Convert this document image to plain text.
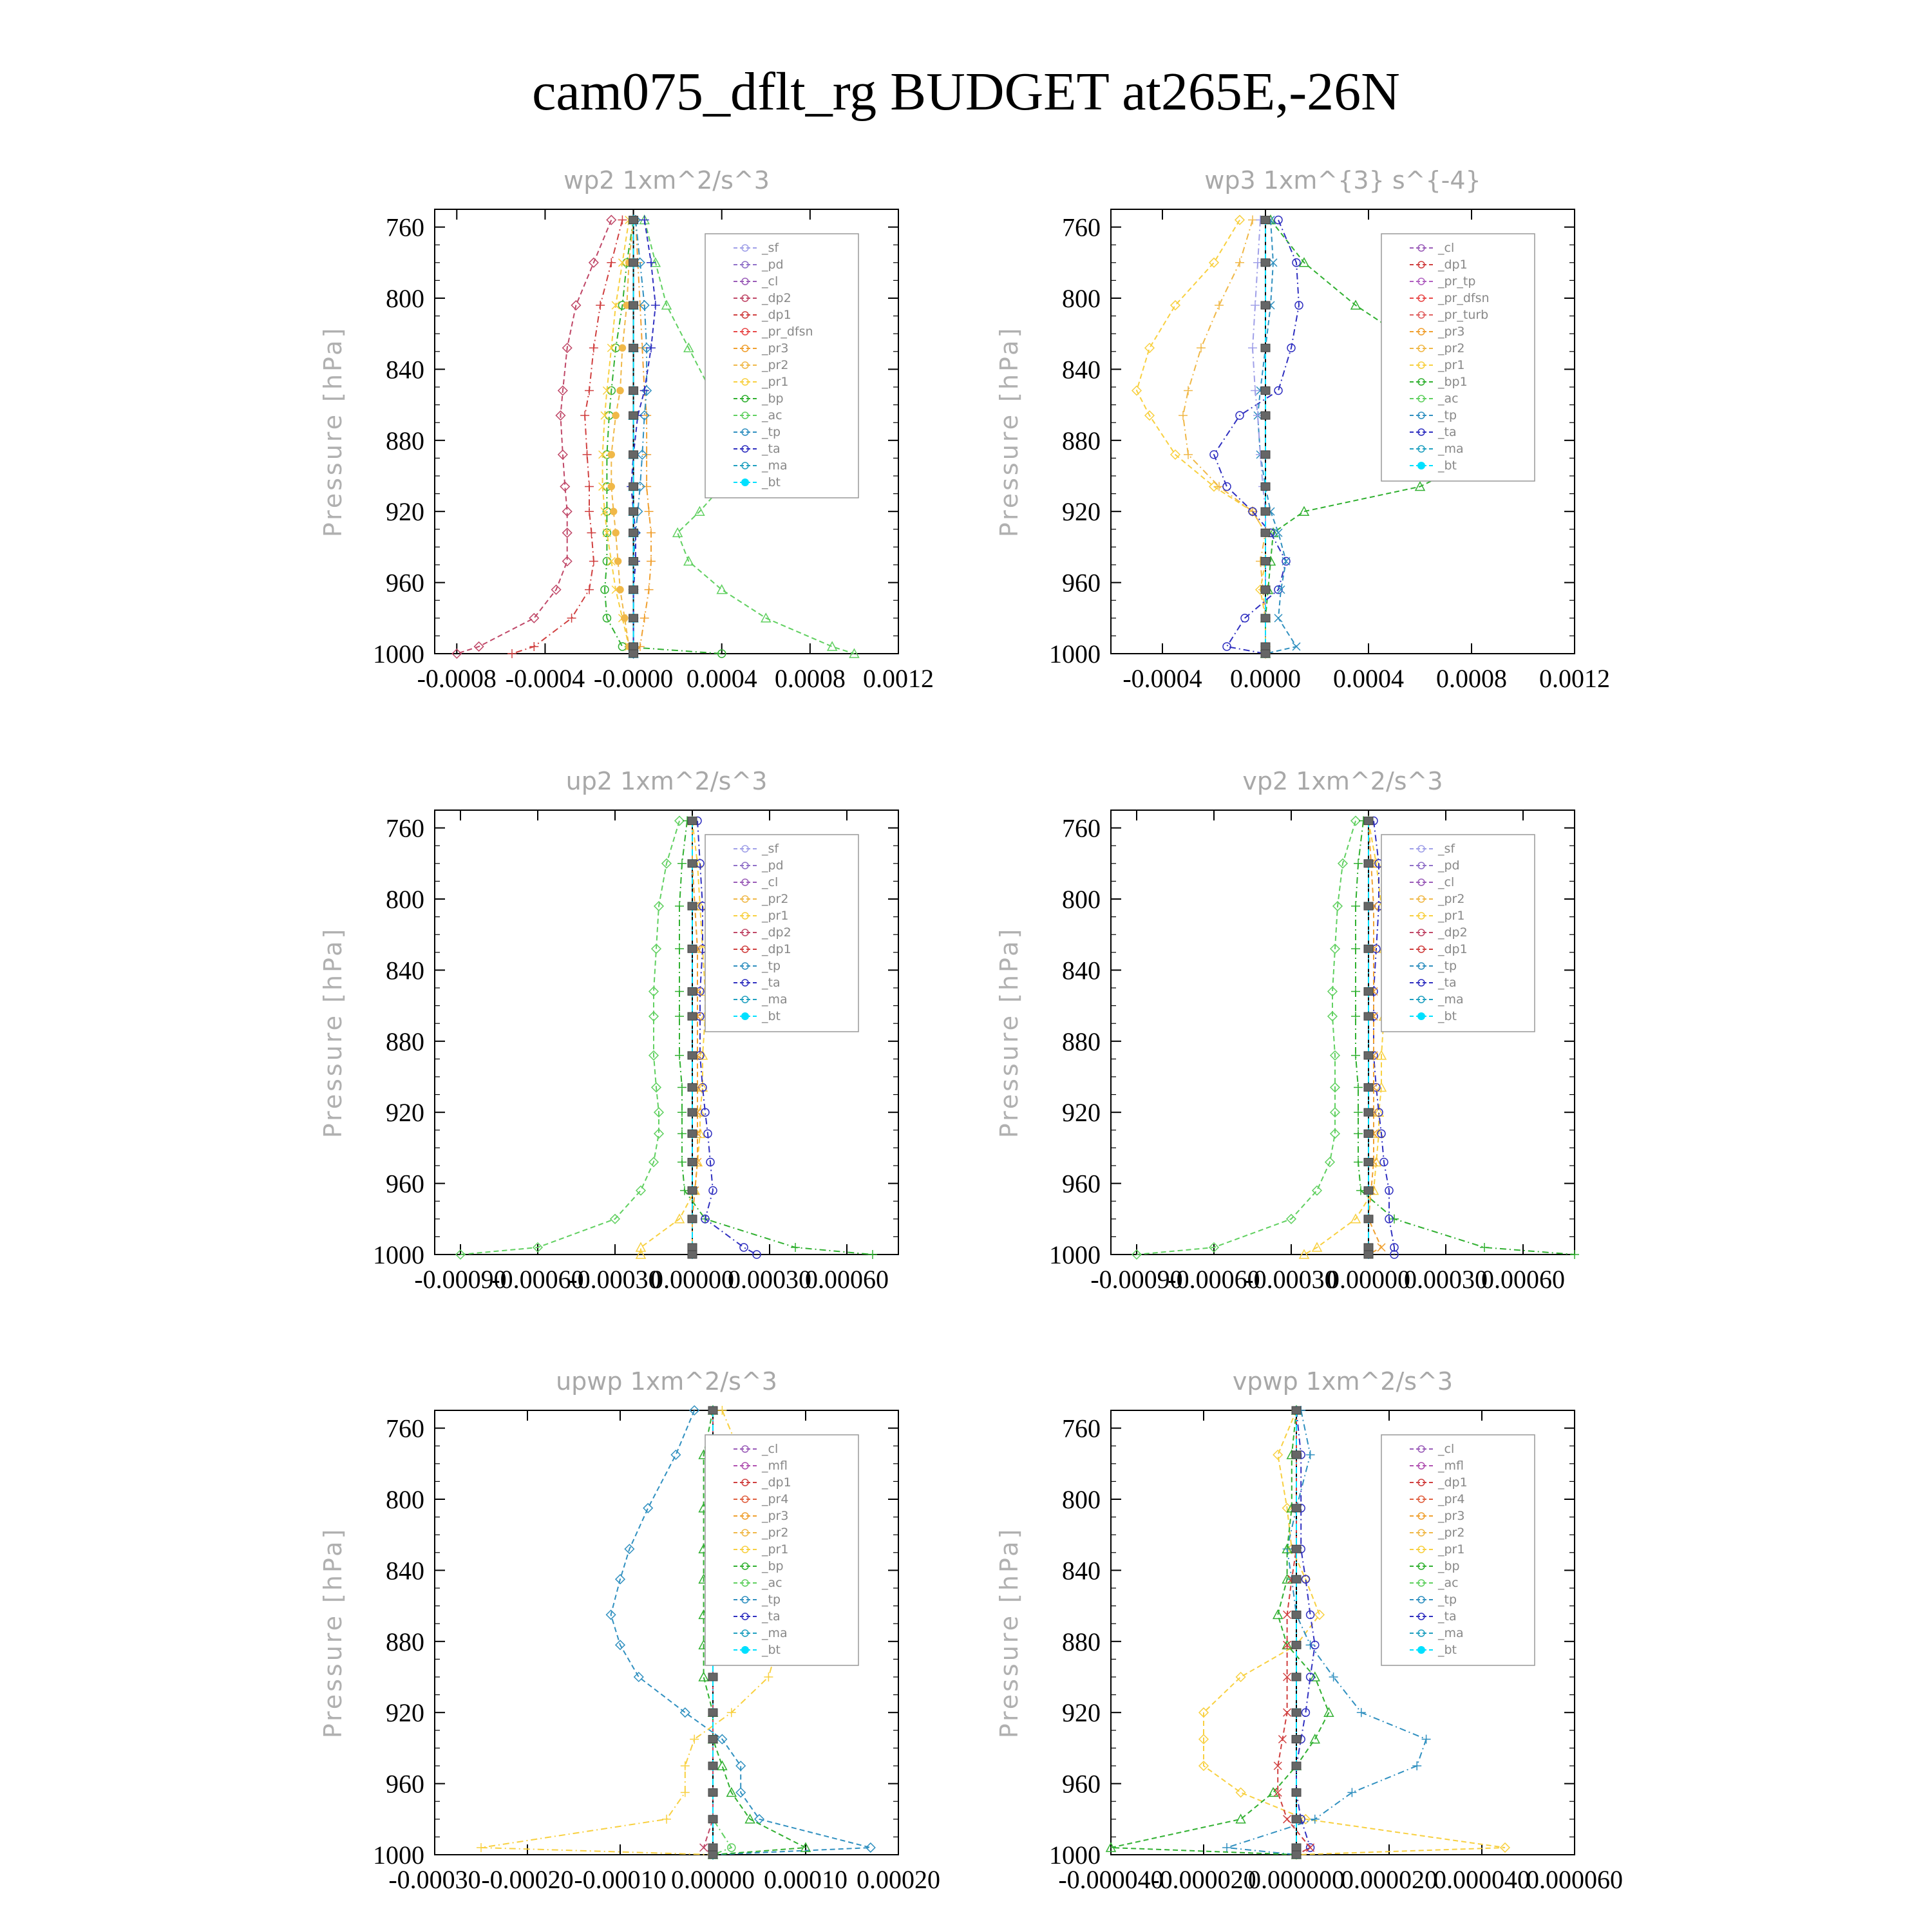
cam075_dflt_rg BUDGET at265E,-26N
wp2 1xm^2/s^3
Pressure [hPa]
760
800
840
880
920
960
1000
-0.0008 -0.0004 -0.0000 0.0004 0.0008 0.0012
_sf
_pd
_cl
_dp2
_dp1
_pr_dfsn
_pr3
_pr2
_pr1
_bp
_ac
_tp
_ta
_ma
_bt
wp3 1xm^{3} s^{-4}
Pressure [hPa]
760
800
840
880
920
960
1000
-0.0004 0.0000 0.0004 0.0008 0.0012
_cl
_dp1
_pr_tp
_pr_dfsn
_pr_turb
_pr3
_pr2
_pr1
_bp1
_ac
_tp
_ta
_ma
_bt
up2 1xm^2/s^3
Pressure [hPa]
760
800
840
880
920
960
1000
-0.00090
-0.00060
-0.00030
0.00000
0.00030
0.00060
_sf
_pd
_cl
_pr2
_pr1
_dp2
_dp1
_tp
_ta
_ma
_bt
vp2 1xm^2/s^3
Pressure [hPa]
760
800
840
880
920
960
1000
-0.00090
-0.00060
-0.00030
0.00000
0.00030
0.00060
_sf
_pd
_cl
_pr2
_pr1
_dp2
_dp1
_tp
_ta
_ma
_bt
upwp 1xm^2/s^3
Pressure [hPa]
760
800
840
880
920
960
1000
-0.00030 -0.00020 -0.00010 0.00000 0.00010 0.00020
_cl
_mfl
_dp1
_pr4
_pr3
_pr2
_pr1
_bp
_ac
_tp
_ta
_ma
_bt
vpwp 1xm^2/s^3
Pressure [hPa]
760
800
840
880
920
960
1000
-0.000040
-0.000020
0.000000
0.000020
0.000040
0.000060
_cl
_mfl
_dp1
_pr4
_pr3
_pr2
_pr1
_bp
_ac
_tp
_ta
_ma
_bt
